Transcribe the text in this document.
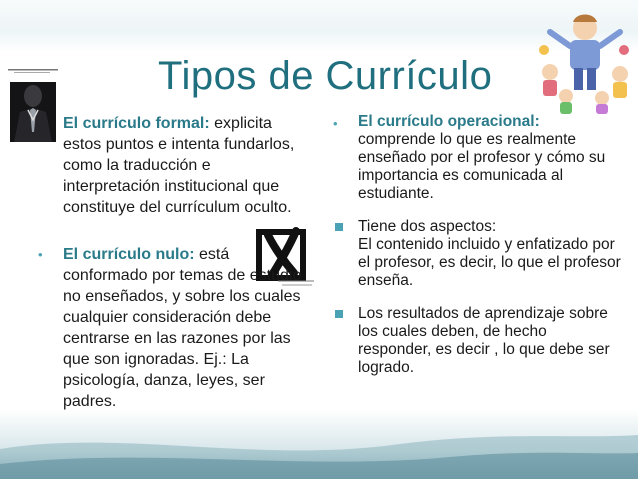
Tipos de Currículo

El currículo formal: explicita
estos puntos e intenta fundarlos, como la traducción e interpretación institucional que constituye del currículum oculto.

• El currículo nulo: está
conformado por temas de estudio no enseñados, y sobre los cuales cualquier consideración debe centrarse en las razones por las que son ignoradas. Ej.: La psicología, danza, leyes, ser padres.

• El currículo operacional:
comprende lo que es realmente enseñado por el profesor y cómo su importancia es comunicada al estudiante.

Tiene dos aspectos:
El contenido incluido y enfatizado por el profesor, es decir, lo que el profesor enseña.

Los resultados de aprendizaje sobre los cuales deben, de hecho responder, es decir , lo que debe ser logrado.
